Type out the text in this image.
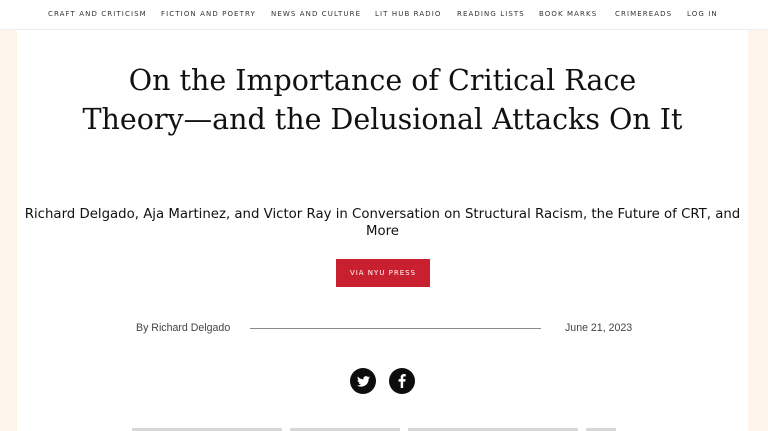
CRAFT AND CRITICISM FICTION AND POETRY NEWS AND CULTURE LIT HUB RADIO READING LISTS BOOK MARKS	CRIMEREADS LOG IN
On the Importance of Critical Race Theory—and the Delusional Attacks On It
Richard Delgado, Aja Martinez, and Victor Ray in Conversation on Structural Racism, the Future of CRT, and More
VIA NYU PRESS
By Richard Delgado	June 21, 2023
